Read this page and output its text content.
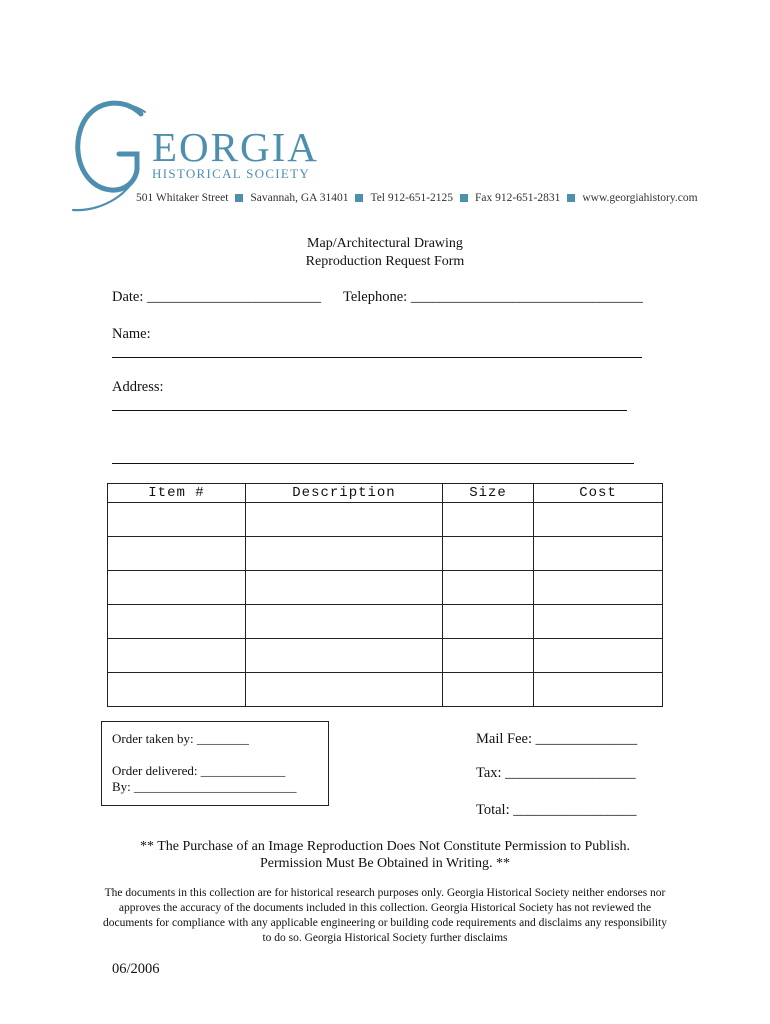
EORGIA
HISTORICAL SOCIETY
501 Whitaker Street Savannah, GA 31401 Tel 912-651-2125 Fax 912-651-2831 www.georgiahistory.com
Map/Architectural Drawing
Reproduction Request Form
Date: ________________________ Telephone: ________________________________
Name:
Address:
Item #	Description	Size	Cost

Order taken by: ________
Order delivered: _____________
By: _________________________
Mail Fee: ______________
Tax: __________________
Total: _________________
** The Purchase of an Image Reproduction Does Not Constitute Permission to Publish.
Permission Must Be Obtained in Writing. **
The documents in this collection are for historical research purposes only. Georgia Historical Society neither endorses nor approves the accuracy of the documents included in this collection. Georgia Historical Society has not reviewed the documents for compliance with any applicable engineering or building code requirements and disclaims any responsibility to do so. Georgia Historical Society further disclaims
06/2006
